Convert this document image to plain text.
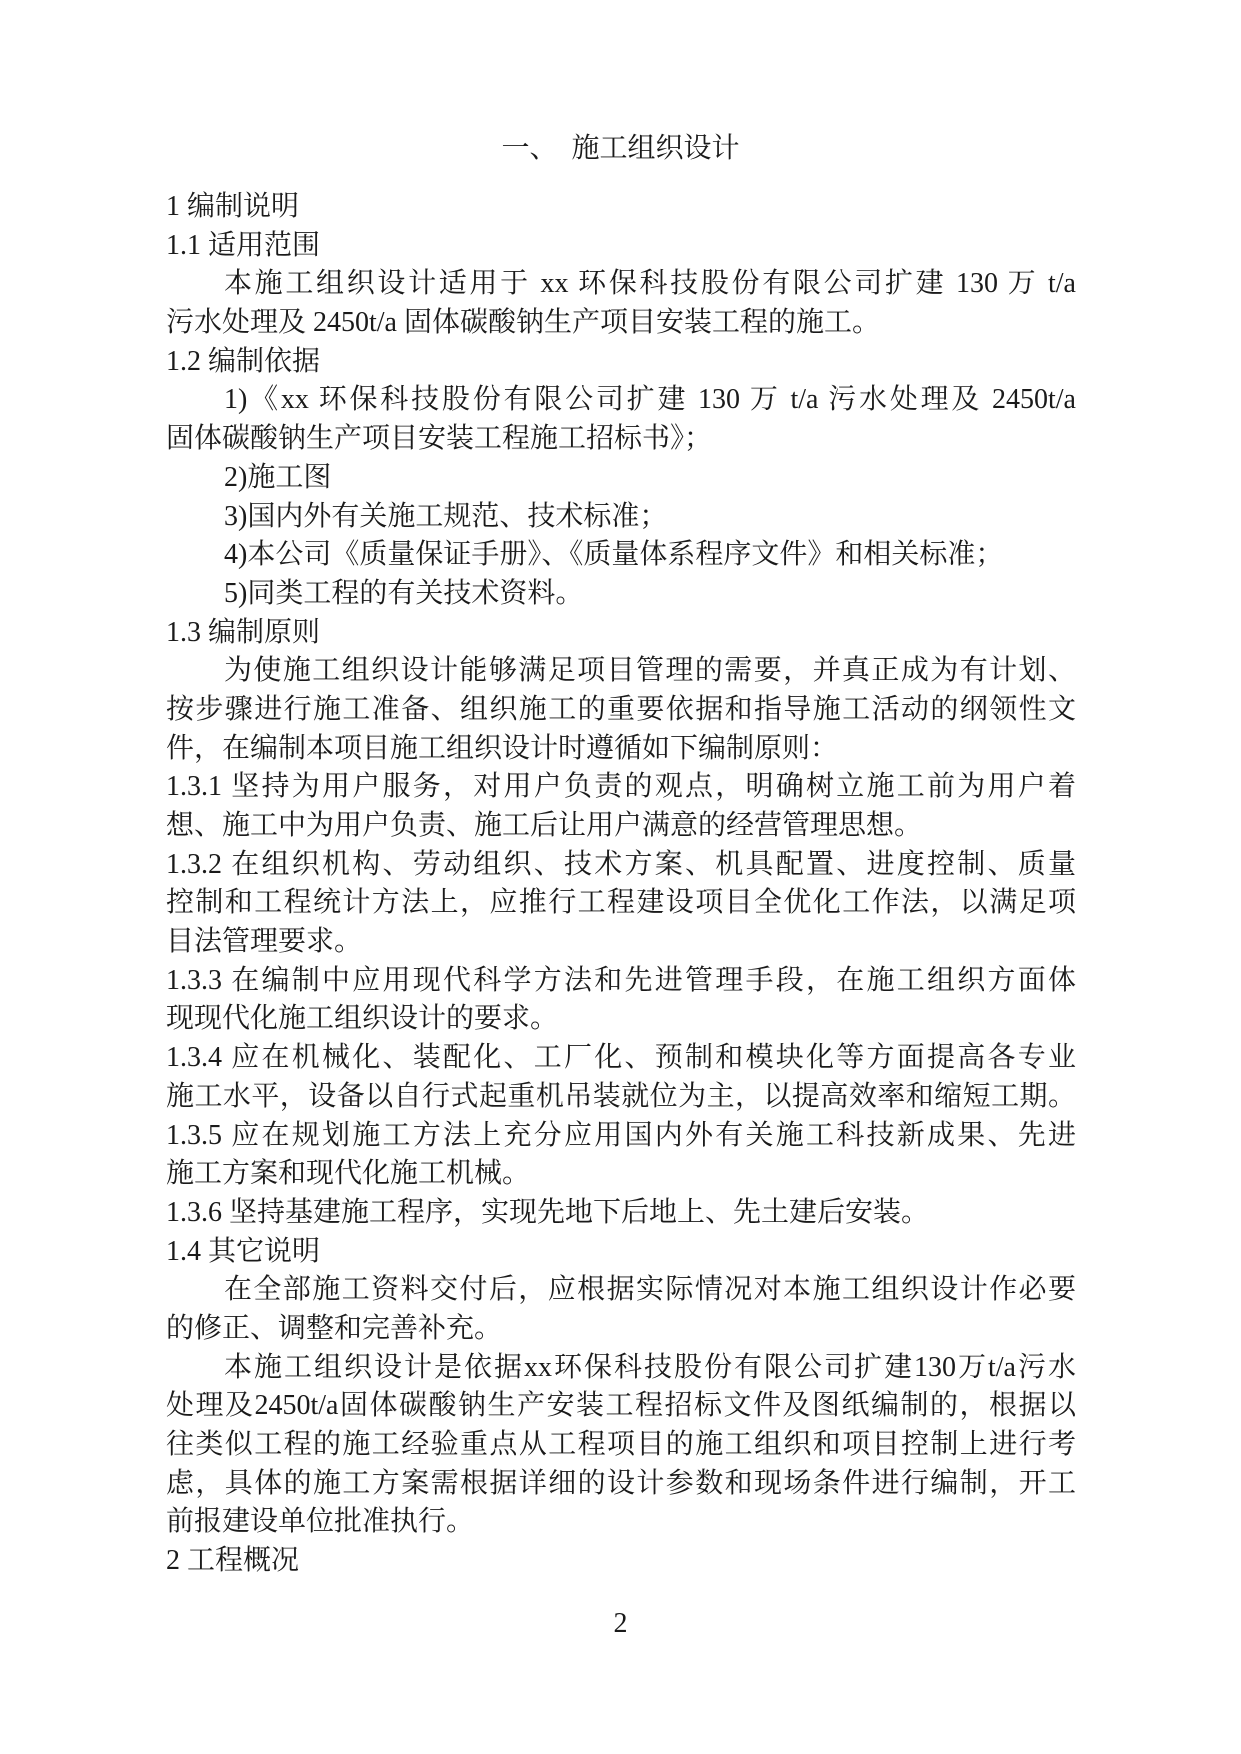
一、　施工组织设计
1 编制说明
1.1 适用范围
本施工组织设计适用于 xx 环保科技股份有限公司扩建 130 万 t/a
污水处理及 2450t/a 固体碳酸钠生产项目安装工程的施工。
1.2 编制依据
1)《xx 环保科技股份有限公司扩建 130 万 t/a 污水处理及 2450t/a
固体碳酸钠生产项目安装工程施工招标书》；
2)施工图
3)国内外有关施工规范、技术标准；
4)本公司《质量保证手册》、《质量体系程序文件》和相关标准；
5)同类工程的有关技术资料。
1.3 编制原则
为使施工组织设计能够满足项目管理的需要，并真正成为有计划、
按步骤进行施工准备、组织施工的重要依据和指导施工活动的纲领性文
件，在编制本项目施工组织设计时遵循如下编制原则：
1.3.1 坚持为用户服务，对用户负责的观点，明确树立施工前为用户着
想、施工中为用户负责、施工后让用户满意的经营管理思想。
1.3.2 在组织机构、劳动组织、技术方案、机具配置、进度控制、质量
控制和工程统计方法上，应推行工程建设项目全优化工作法，以满足项
目法管理要求。
1.3.3 在编制中应用现代科学方法和先进管理手段，在施工组织方面体
现现代化施工组织设计的要求。
1.3.4 应在机械化、装配化、工厂化、预制和模块化等方面提高各专业
施工水平，设备以自行式起重机吊装就位为主，以提高效率和缩短工期。
1.3.5 应在规划施工方法上充分应用国内外有关施工科技新成果、先进
施工方案和现代化施工机械。
1.3.6 坚持基建施工程序，实现先地下后地上、先土建后安装。
1.4 其它说明
在全部施工资料交付后，应根据实际情况对本施工组织设计作必要
的修正、调整和完善补充。
本施工组织设计是依据xx环保科技股份有限公司扩建130万t/a污水
处理及2450t/a固体碳酸钠生产安装工程招标文件及图纸编制的，根据以
往类似工程的施工经验重点从工程项目的施工组织和项目控制上进行考
虑，具体的施工方案需根据详细的设计参数和现场条件进行编制，开工
前报建设单位批准执行。
2 工程概况
2
